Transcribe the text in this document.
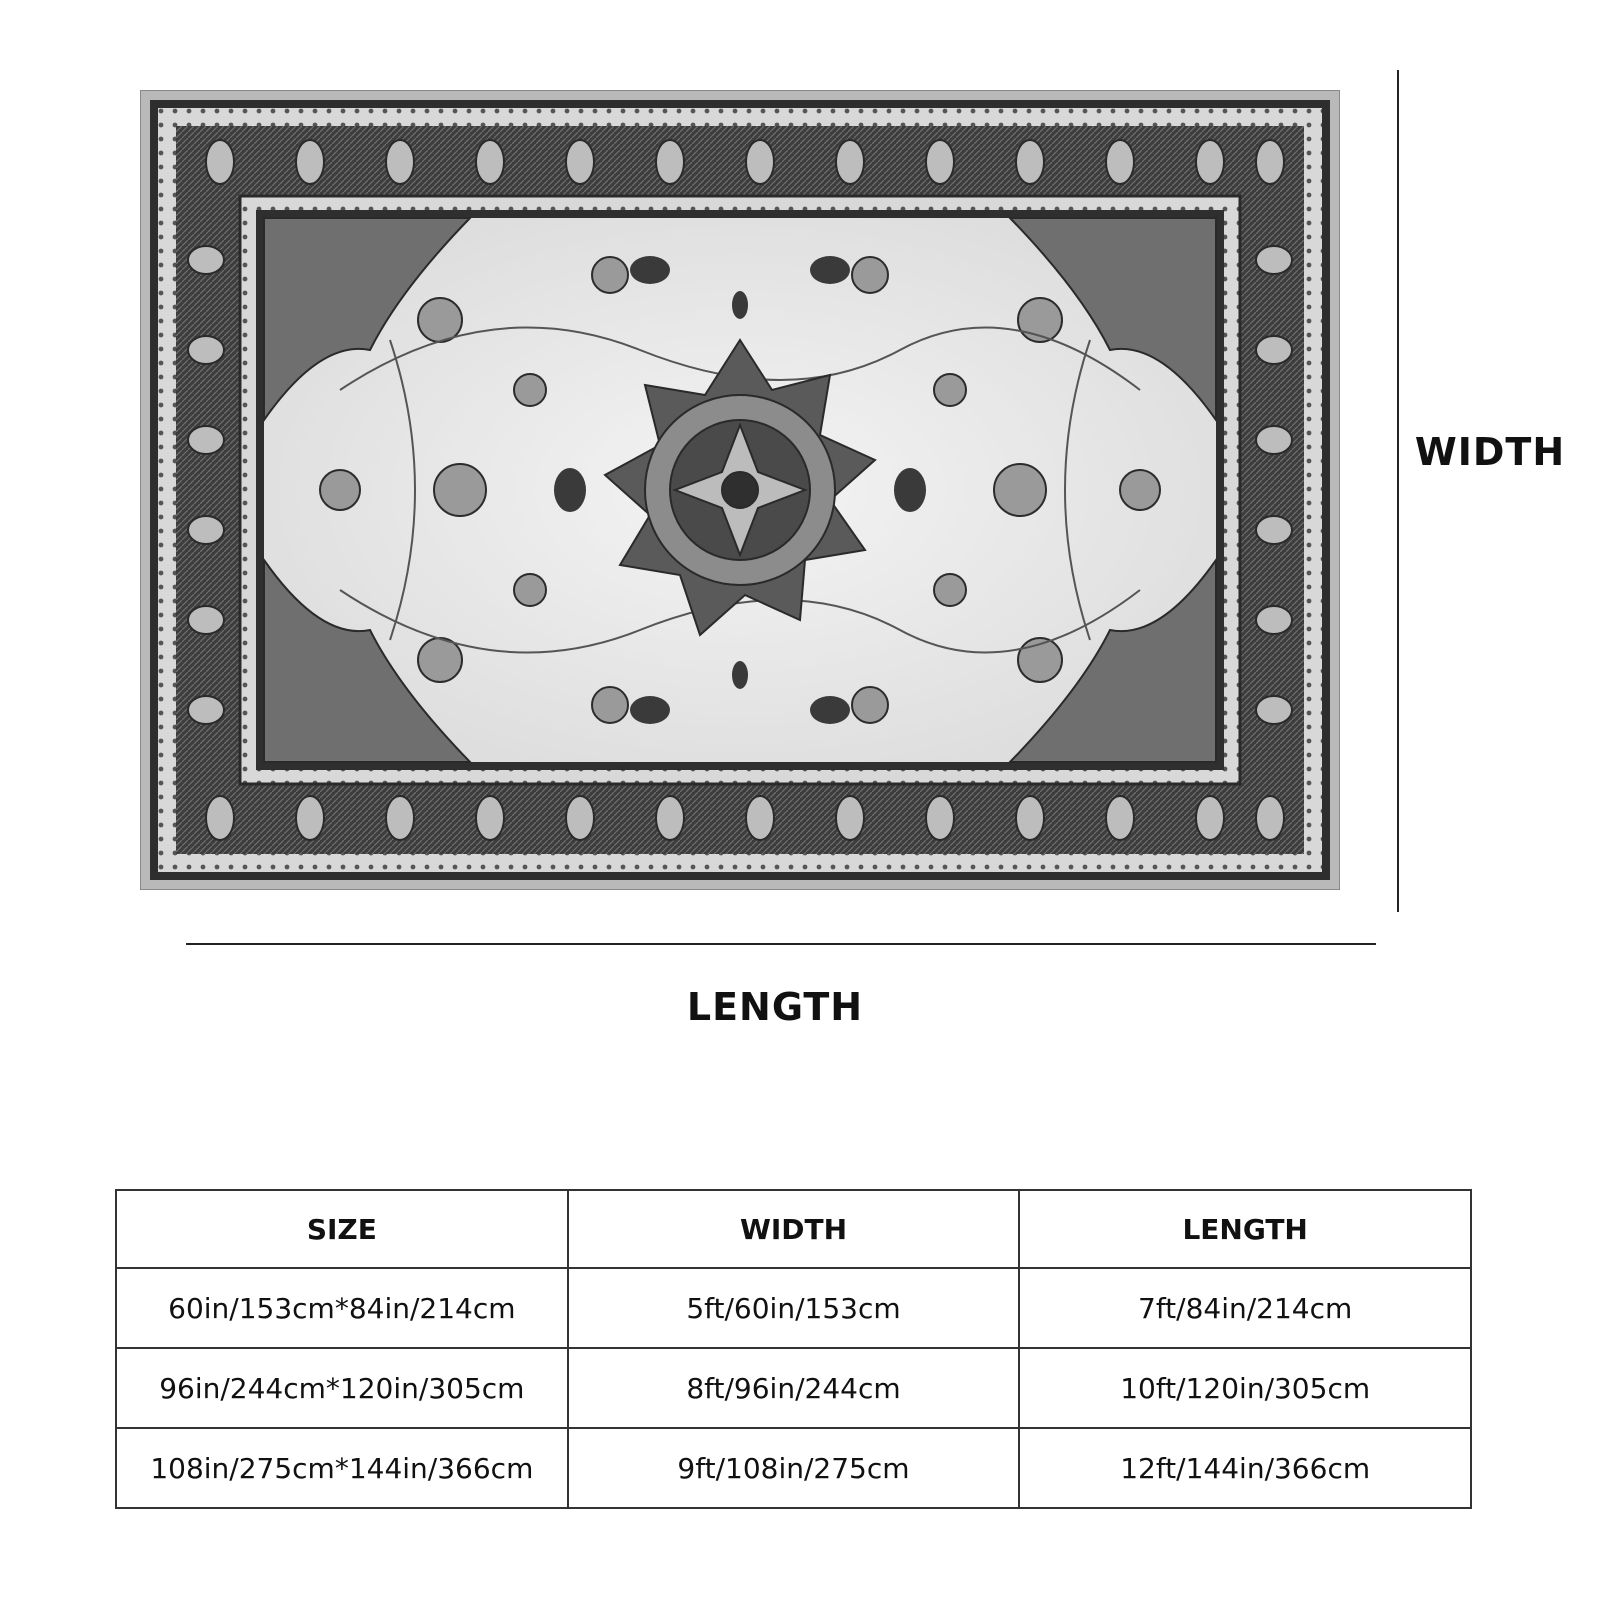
WIDTH
LENGTH
SIZE	WIDTH	LENGTH
60in/153cm*84in/214cm	5ft/60in/153cm	7ft/84in/214cm
96in/244cm*120in/305cm	8ft/96in/244cm	10ft/120in/305cm
108in/275cm*144in/366cm	9ft/108in/275cm	12ft/144in/366cm
